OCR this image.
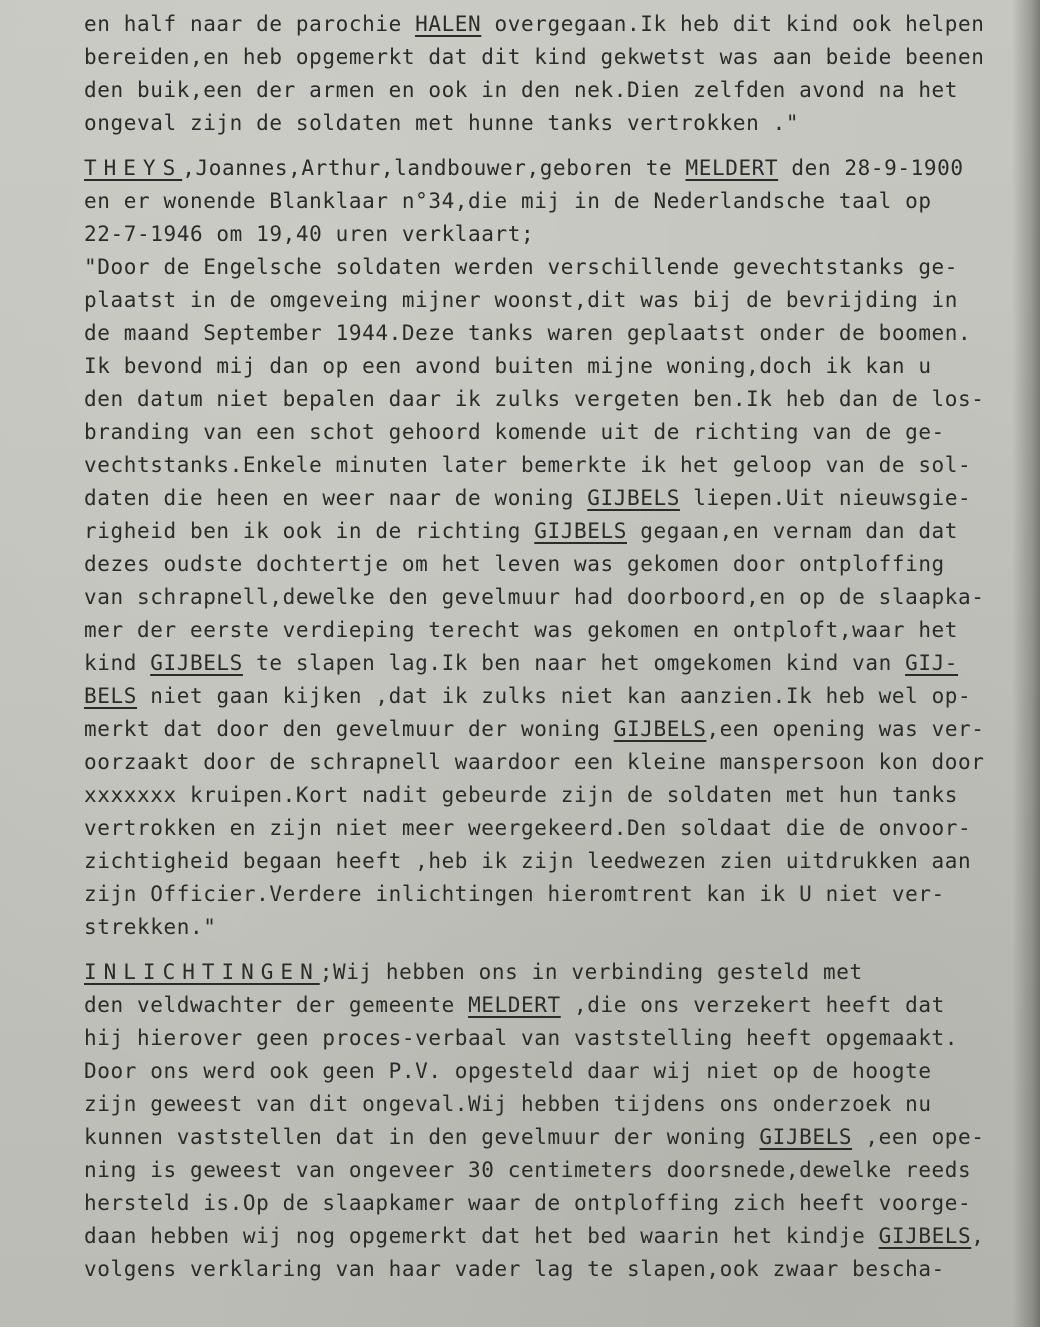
en half naar de parochie HALEN overgegaan.Ik heb dit kind ook helpen
bereiden,en heb opgemerkt dat dit kind gekwetst was aan beide beenen
den buik,een der armen en ook in den nek.Dien zelfden avond na het
ongeval zijn de soldaten met hunne tanks vertrokken ."
THEYS,Joannes,Arthur,landbouwer,geboren te MELDERT den 28-9-1900
en er wonende Blanklaar n°34,die mij in de Nederlandsche taal op
22-7-1946 om 19,40 uren verklaart;
"Door de Engelsche soldaten werden verschillende gevechtstanks ge-
plaatst in de omgeveing mijner woonst,dit was bij de bevrijding in
de maand September 1944.Deze tanks waren geplaatst onder de boomen.
Ik bevond mij dan op een avond buiten mijne woning,doch ik kan u
den datum niet bepalen daar ik zulks vergeten ben.Ik heb dan de los-
branding van een schot gehoord komende uit de richting van de ge-
vechtstanks.Enkele minuten later bemerkte ik het geloop van de sol-
daten die heen en weer naar de woning GIJBELS liepen.Uit nieuwsgie-
righeid ben ik ook in de richting GIJBELS gegaan,en vernam dan dat
dezes oudste dochtertje om het leven was gekomen door ontploffing
van schrapnell,dewelke den gevelmuur had doorboord,en op de slaapka-
mer der eerste verdieping terecht was gekomen en ontploft,waar het
kind GIJBELS te slapen lag.Ik ben naar het omgekomen kind van GIJ-
BELS niet gaan kijken ,dat ik zulks niet kan aanzien.Ik heb wel op-
merkt dat door den gevelmuur der woning GIJBELS,een opening was ver-
oorzaakt door de schrapnell waardoor een kleine manspersoon kon door
xxxxxxx kruipen.Kort nadit gebeurde zijn de soldaten met hun tanks
vertrokken en zijn niet meer weergekeerd.Den soldaat die de onvoor-
zichtigheid begaan heeft ,heb ik zijn leedwezen zien uitdrukken aan
zijn Officier.Verdere inlichtingen hieromtrent kan ik U niet ver-
strekken."
INLICHTINGEN;Wij hebben ons in verbinding gesteld met
den veldwachter der gemeente MELDERT ,die ons verzekert heeft dat
hij hierover geen proces-verbaal van vaststelling heeft opgemaakt.
Door ons werd ook geen P.V. opgesteld daar wij niet op de hoogte
zijn geweest van dit ongeval.Wij hebben tijdens ons onderzoek nu
kunnen vaststellen dat in den gevelmuur der woning GIJBELS ,een ope-
ning is geweest van ongeveer 30 centimeters doorsnede,dewelke reeds
hersteld is.Op de slaapkamer waar de ontploffing zich heeft voorge-
daan hebben wij nog opgemerkt dat het bed waarin het kindje GIJBELS,
volgens verklaring van haar vader lag te slapen,ook zwaar bescha-
